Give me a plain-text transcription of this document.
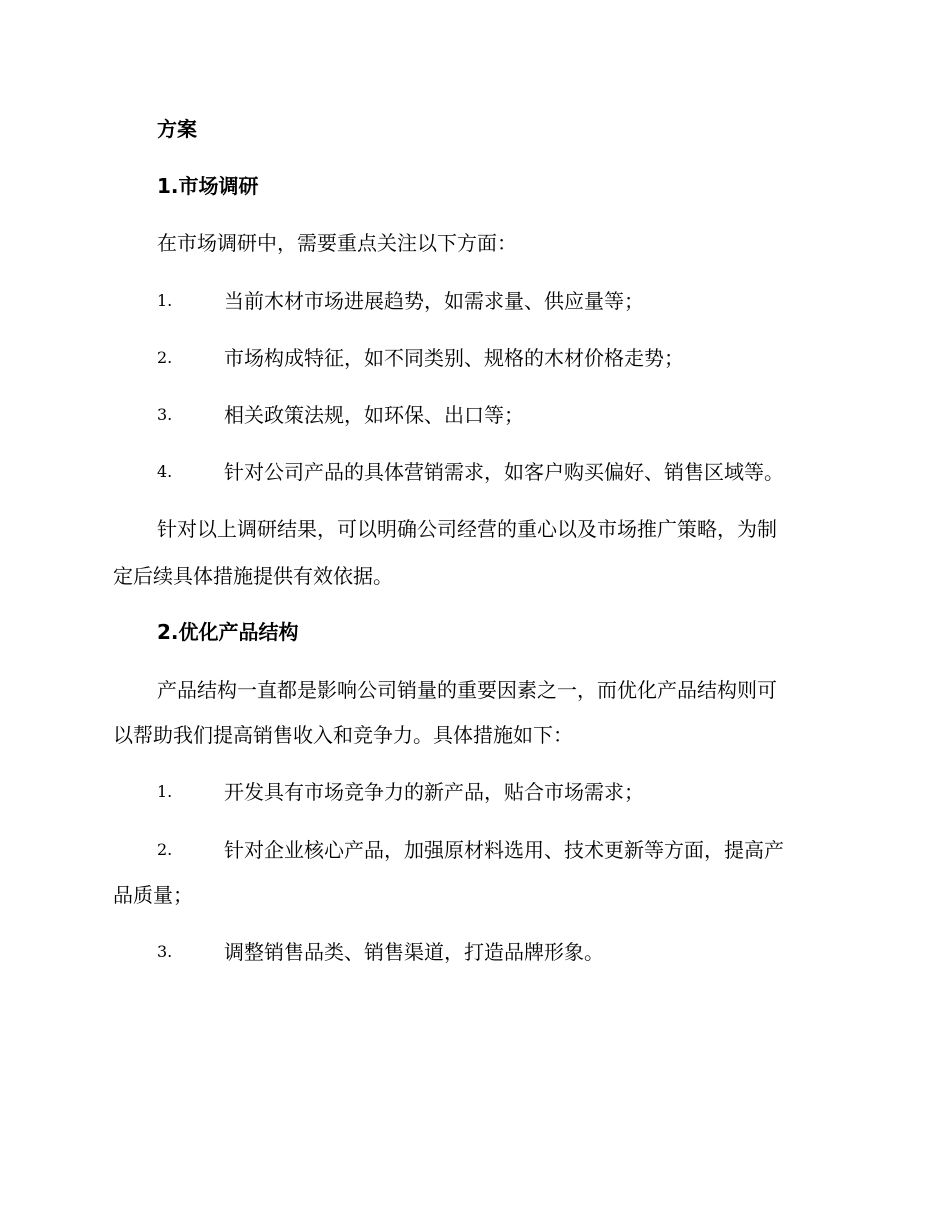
方案
1.市场调研
在市场调研中，需要重点关注以下方面：
1.	当前木材市场进展趋势，如需求量、供应量等；
2.	市场构成特征，如不同类别、规格的木材价格走势；
3.	相关政策法规，如环保、出口等；
4.	针对公司产品的具体营销需求，如客户购买偏好、销售区域等。
针对以上调研结果，可以明确公司经营的重心以及市场推广策略，为制
定后续具体措施提供有效依据。
2.优化产品结构
产品结构一直都是影响公司销量的重要因素之一，而优化产品结构则可
以帮助我们提高销售收入和竞争力。具体措施如下：
1.	开发具有市场竞争力的新产品，贴合市场需求；
2.	针对企业核心产品，加强原材料选用、技术更新等方面，提高产
品质量；
3.	调整销售品类、销售渠道，打造品牌形象。
